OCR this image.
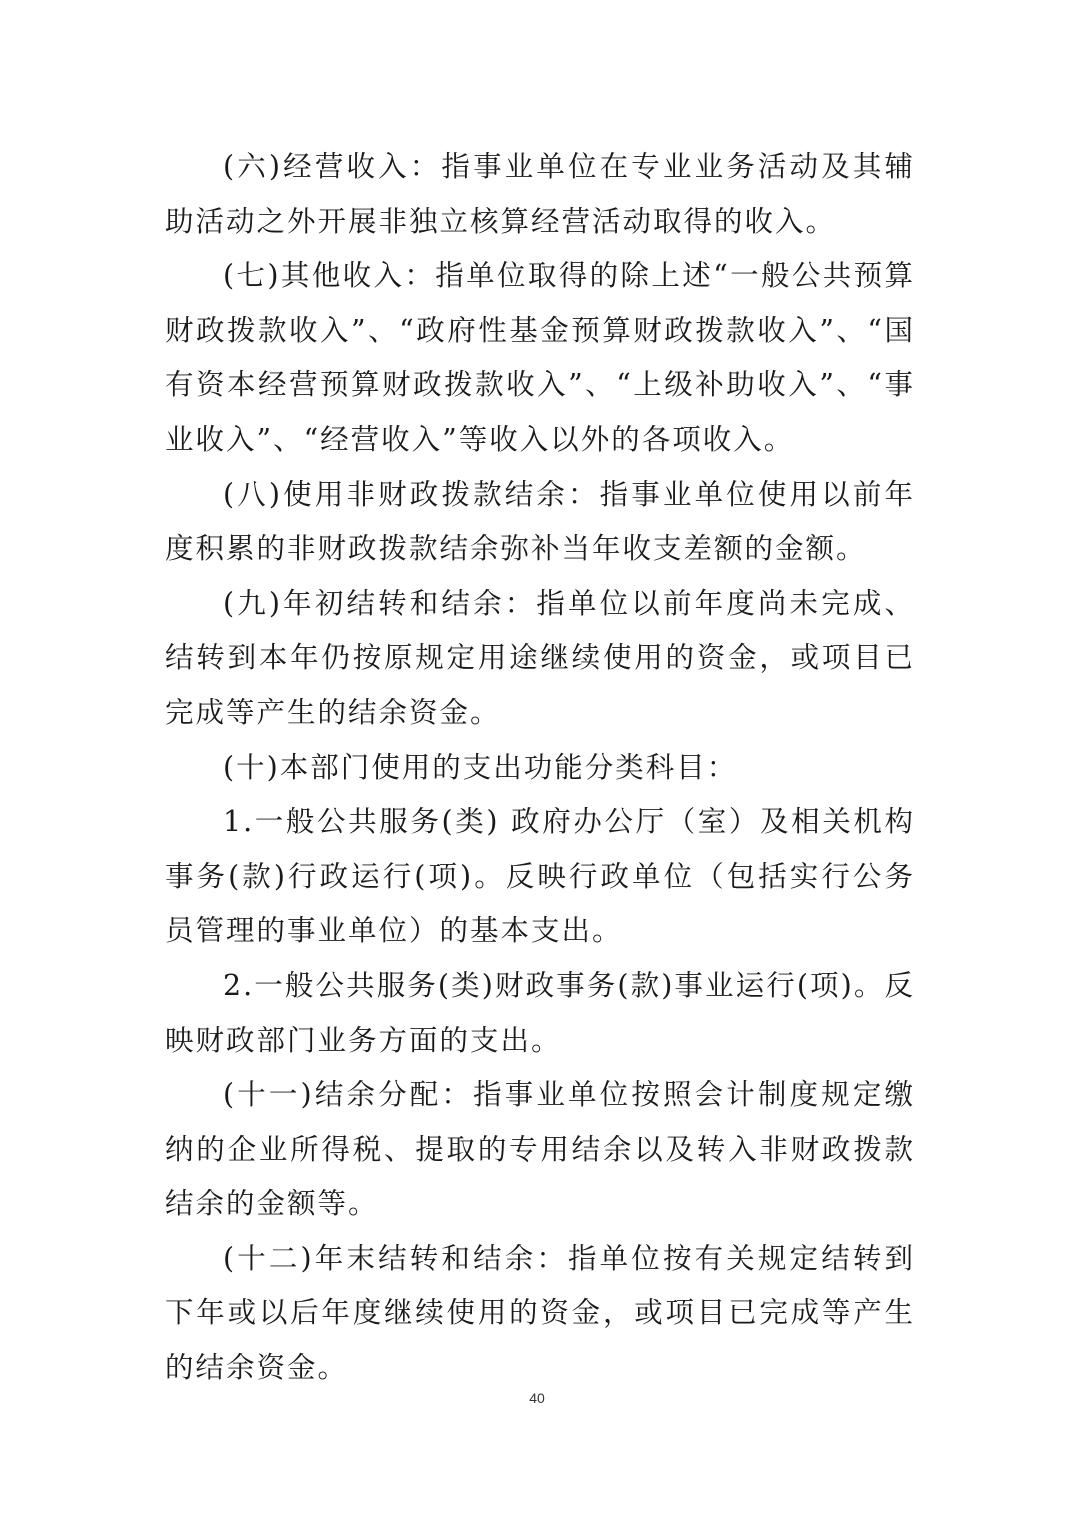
(六)经营收入：指事业单位在专业业务活动及其辅助活动之外开展非独立核算经营活动取得的收入。

(七)其他收入：指单位取得的除上述“一般公共预算财政拨款收入”、“政府性基金预算财政拨款收入”、“国有资本经营预算财政拨款收入”、“上级补助收入”、“事业收入”、“经营收入”等收入以外的各项收入。

(八)使用非财政拨款结余：指事业单位使用以前年度积累的非财政拨款结余弥补当年收支差额的金额。

(九)年初结转和结余：指单位以前年度尚未完成、结转到本年仍按原规定用途继续使用的资金，或项目已完成等产生的结余资金。

(十)本部门使用的支出功能分类科目：

1.一般公共服务(类) 政府办公厅（室）及相关机构事务(款)行政运行(项)。反映行政单位（包括实行公务员管理的事业单位）的基本支出。

2.一般公共服务(类)财政事务(款)事业运行(项)。反映财政部门业务方面的支出。

(十一)结余分配：指事业单位按照会计制度规定缴纳的企业所得税、提取的专用结余以及转入非财政拨款结余的金额等。

(十二)年末结转和结余：指单位按有关规定结转到下年或以后年度继续使用的资金，或项目已完成等产生的结余资金。

40
